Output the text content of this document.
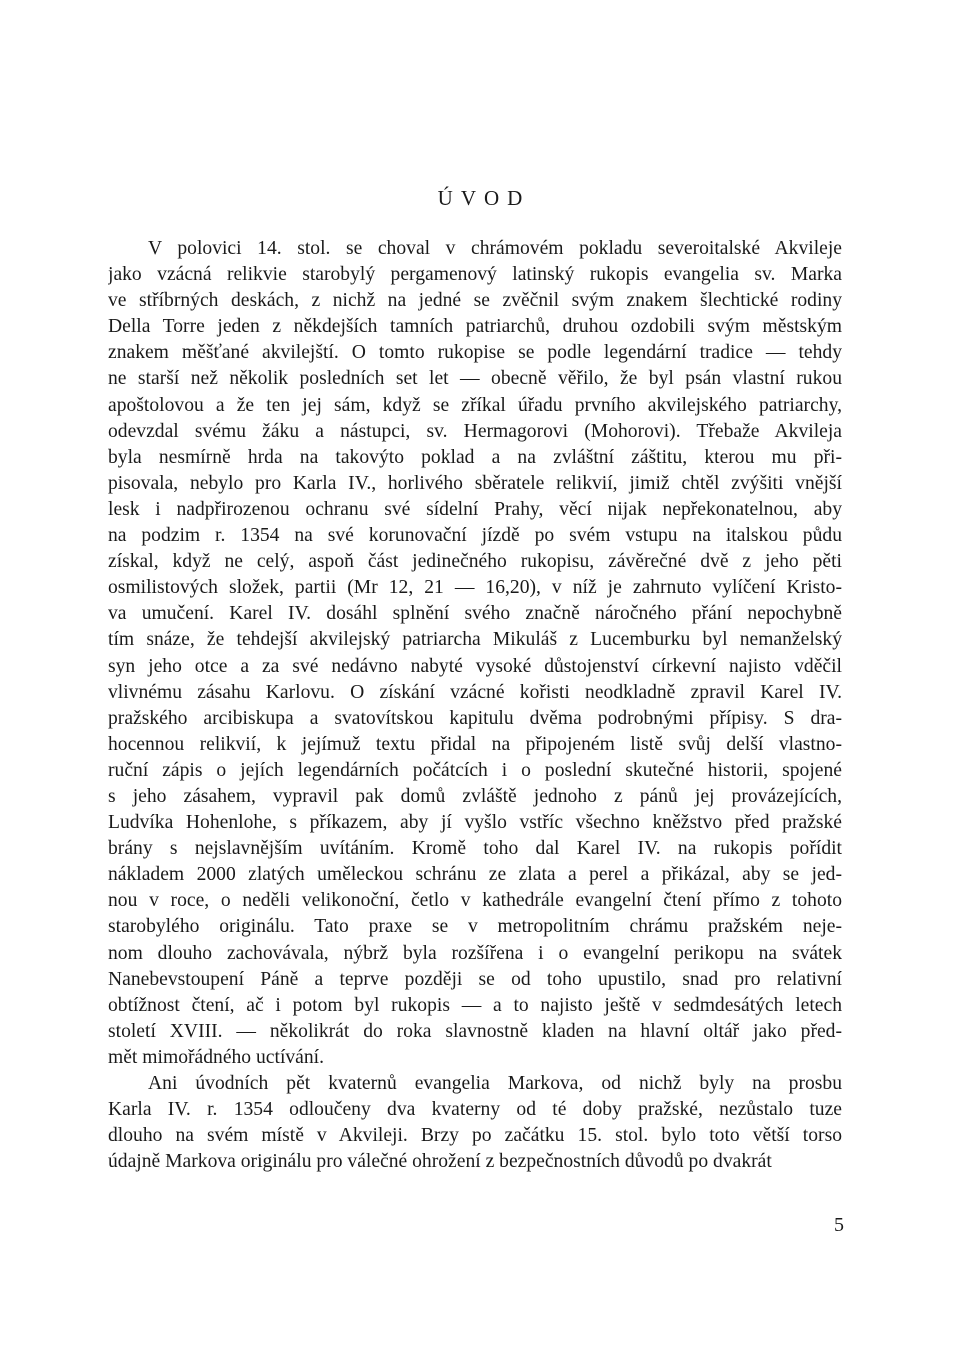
ÚVOD
V polovici 14. stol. se choval v chrámovém pokladu severoitalské Akvileje
jako vzácná relikvie starobylý pergamenový latinský rukopis evangelia sv. Marka
ve stříbrných deskách, z nichž na jedné se zvěčnil svým znakem šlechtické rodiny
Della Torre jeden z někdejších tamních patriarchů, druhou ozdobili svým městským
znakem měšťané akvilejští. O tomto rukopise se podle legendární tradice — tehdy
ne starší než několik posledních set let — obecně věřilo, že byl psán vlastní rukou
apoštolovou a že ten jej sám, když se zříkal úřadu prvního akvilejského patriarchy,
odevzdal svému žáku a nástupci, sv. Hermagorovi (Mohorovi). Třebaže Akvileja
byla nesmírně hrda na takovýto poklad a na zvláštní záštitu, kterou mu při-
pisovala, nebylo pro Karla IV., horlivého sběratele relikvií, jimiž chtěl zvýšiti vnější
lesk i nadpřirozenou ochranu své sídelní Prahy, věcí nijak nepřekonatelnou, aby
na podzim r. 1354 na své korunovační jízdě po svém vstupu na italskou půdu
získal, když ne celý, aspoň část jedinečného rukopisu, závěrečné dvě z jeho pěti
osmilistových složek, partii (Mr 12, 21 — 16,20), v níž je zahrnuto vylíčení Kristo-
va umučení. Karel IV. dosáhl splnění svého značně náročného přání nepochybně
tím snáze, že tehdejší akvilejský patriarcha Mikuláš z Lucemburku byl nemanželský
syn jeho otce a za své nedávno nabyté vysoké důstojenství církevní najisto vděčil
vlivnému zásahu Karlovu. O získání vzácné kořisti neodkladně zpravil Karel IV.
pražského arcibiskupa a svatovítskou kapitulu dvěma podrobnými přípisy. S dra-
hocennou relikvií, k jejímuž textu přidal na připojeném listě svůj delší vlastno-
ruční zápis o jejích legendárních počátcích i o poslední skutečné historii, spojené
s jeho zásahem, vypravil pak domů zvláště jednoho z pánů jej provázejících,
Ludvíka Hohenlohe, s příkazem, aby jí vyšlo vstříc všechno kněžstvo před pražské
brány s nejslavnějším uvítáním. Kromě toho dal Karel IV. na rukopis pořídit
nákladem 2000 zlatých uměleckou schránu ze zlata a perel a přikázal, aby se jed-
nou v roce, o neděli velikonoční, četlo v kathedrále evangelní čtení přímo z tohoto
starobylého originálu. Tato praxe se v metropolitním chrámu pražském neje-
nom dlouho zachovávala, nýbrž byla rozšířena i o evangelní perikopu na svátek
Nanebevstoupení Páně a teprve později se od toho upustilo, snad pro relativní
obtížnost čtení, ač i potom byl rukopis — a to najisto ještě v sedmdesátých letech
století XVIII. — několikrát do roka slavnostně kladen na hlavní oltář jako před-
mět mimořádného uctívání.
Ani úvodních pět kvaternů evangelia Markova, od nichž byly na prosbu
Karla IV. r. 1354 odloučeny dva kvaterny od té doby pražské, nezůstalo tuze
dlouho na svém místě v Akvileji. Brzy po začátku 15. stol. bylo toto větší torso
údajně Markova originálu pro válečné ohrožení z bezpečnostních důvodů po dvakrát
5
